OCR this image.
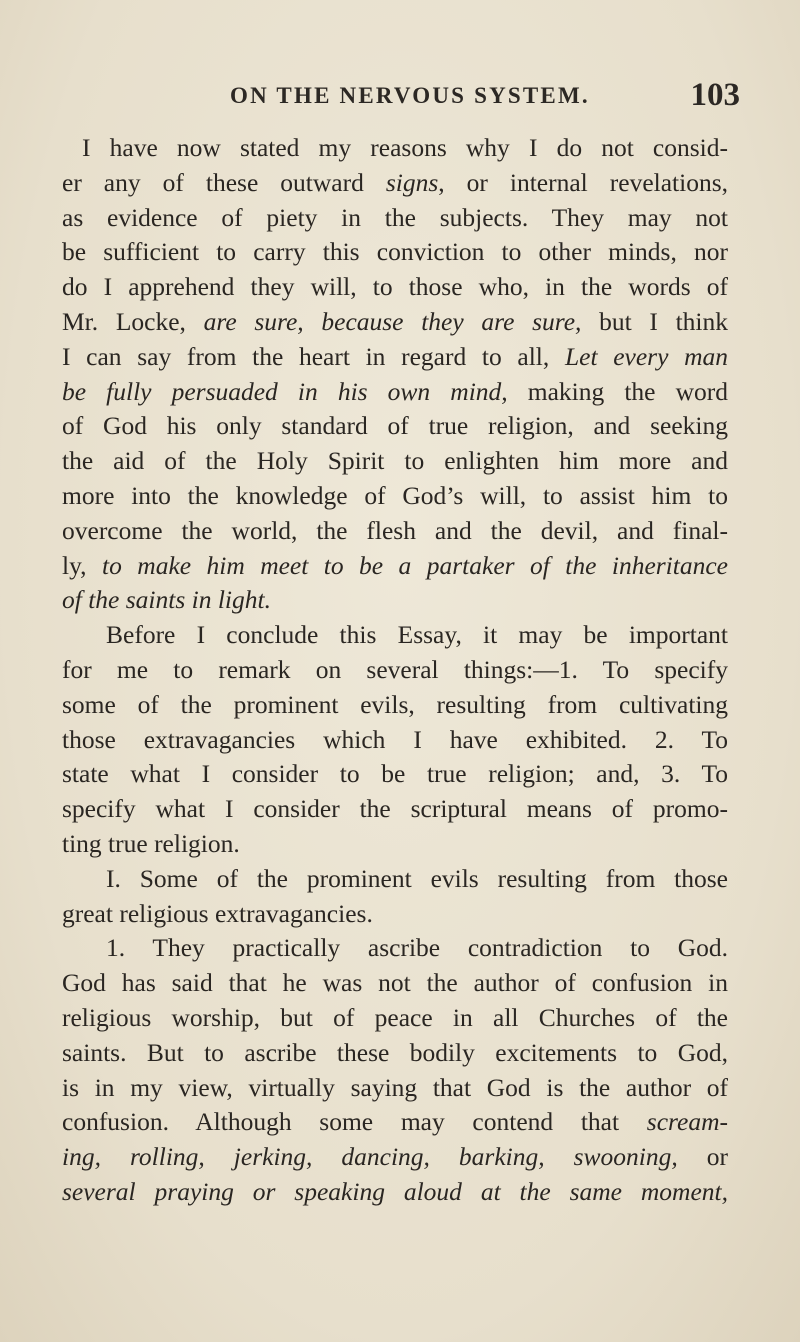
ON THE NERVOUS SYSTEM.	103
I have now stated my reasons why I do not consid-
er any of these outward signs, or internal revelations,
as evidence of piety in the subjects. They may not
be sufficient to carry this conviction to other minds, nor
do I apprehend they will, to those who, in the words of
Mr. Locke, are sure, because they are sure, but I think
I can say from the heart in regard to all, Let every man
be fully persuaded in his own mind, making the word
of God his only standard of true religion, and seeking
the aid of the Holy Spirit to enlighten him more and
more into the knowledge of God’s will, to assist him to
overcome the world, the flesh and the devil, and final-
ly, to make him meet to be a partaker of the inheritance
of the saints in light.
Before I conclude this Essay, it may be important
for me to remark on several things:—1. To specify
some of the prominent evils, resulting from cultivating
those extravagancies which I have exhibited. 2. To
state what I consider to be true religion; and, 3. To
specify what I consider the scriptural means of promo-
ting true religion.
I. Some of the prominent evils resulting from those
great religious extravagancies.
1. They practically ascribe contradiction to God.
God has said that he was not the author of confusion in
religious worship, but of peace in all Churches of the
saints. But to ascribe these bodily excitements to God,
is in my view, virtually saying that God is the author of
confusion. Although some may contend that scream-
ing, rolling, jerking, dancing, barking, swooning, or
several praying or speaking aloud at the same moment,
